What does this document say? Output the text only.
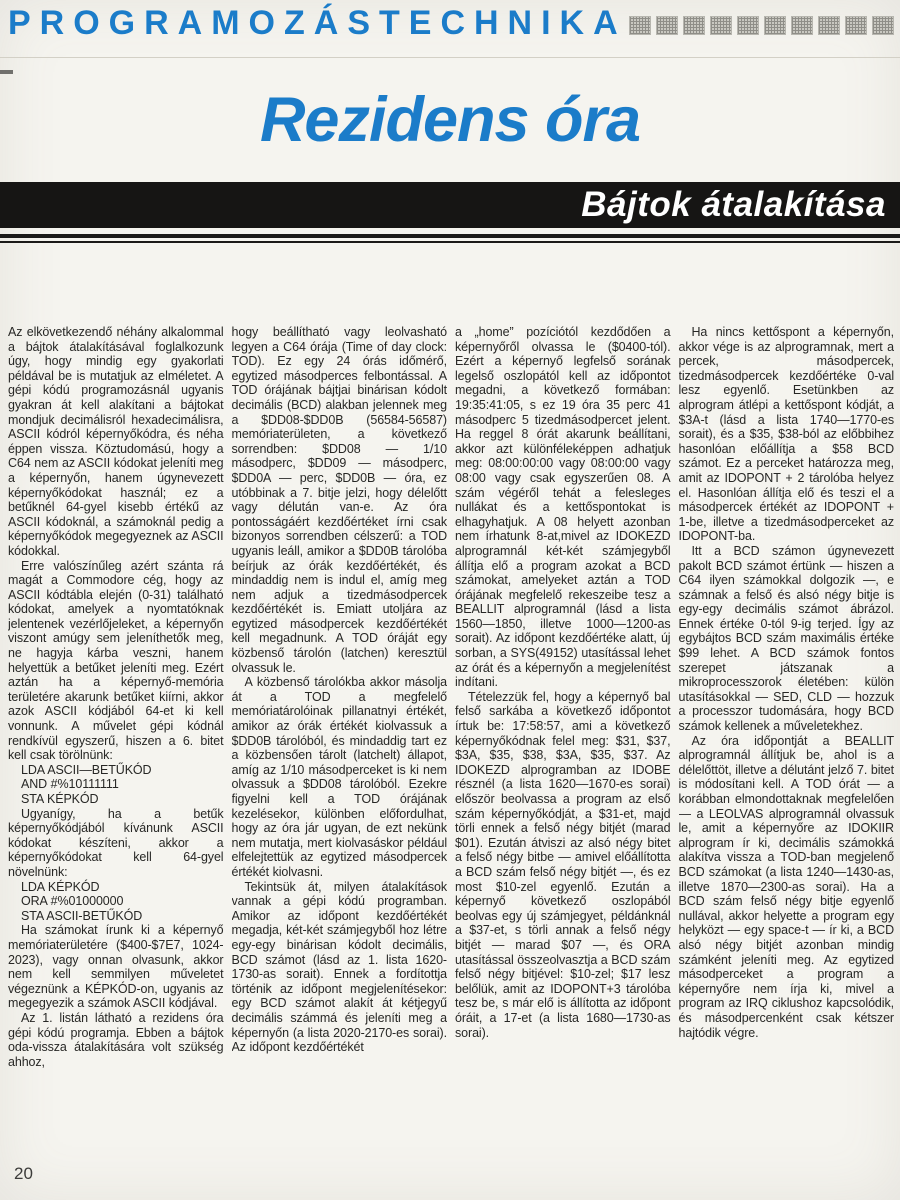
PROGRAMOZÁSTECHNIKA
Rezidens óra
Bájtok átalakítása

Az elkövetkezendő néhány alkalommal a bájtok átalakításával foglalkozunk úgy, hogy mindig egy gyakorlati példával be is mutatjuk az elméletet. A gépi kódú programozásnál ugyanis gyakran át kell alakítani a bájtokat mondjuk decimálisról hexadecimálisra, ASCII kódról képernyőkódra, és néha éppen vissza. Köztudomású, hogy a C64 nem az ASCII kódokat jeleníti meg a képernyőn, hanem úgynevezett képernyőkódokat használ; ez a betűknél 64-gyel kisebb értékű az ASCII kódoknál, a számoknál pedig a képernyőkódok megegyeznek az ASCII kódokkal.

Erre valószínűleg azért szánta rá magát a Commodore cég, hogy az ASCII kódtábla elején (0-31) található kódokat, amelyek a nyomtatóknak jelentenek vezérlőjeleket, a képernyőn viszont amúgy sem jeleníthetők meg, ne hagyja kárba veszni, hanem helyettük a betűket jeleníti meg. Ezért aztán ha a képernyő-memória területére akarunk betűket kiírni, akkor azok ASCII kódjából 64-et ki kell vonnunk. A művelet gépi kódnál rendkívül egyszerű, hiszen a 6. bitet kell csak törölnünk:

LDA ASCII—BETŰKÓD
AND #%10111111
STA KÉPKÓD

Ugyanígy, ha a betűk képernyőkódjából kívánunk ASCII kódokat készíteni, akkor a képernyőkódokat kell 64-gyel növelnünk:

LDA KÉPKÓD
ORA #%01000000
STA ASCII-BETŰKÓD

Ha számokat írunk ki a képernyő memóriaterületére ($400-$7E7, 1024-2023), vagy onnan olvasunk, akkor nem kell semmilyen műveletet végeznünk a KÉPKÓD-on, ugyanis az megegyezik a számok ASCII kódjával.

Az 1. listán látható a rezidens óra gépi kódú programja. Ebben a bájtok oda-vissza átalakítására volt szükség ahhoz,

hogy beállítható vagy leolvasható legyen a C64 órája (Time of day clock: TOD). Ez egy 24 órás időmérő, egytized másodperces felbontással. A TOD órájának bájtjai binárisan kódolt decimális (BCD) alakban jelennek meg a $DD08-$DD0B (56584-56587) memóriaterületen, a következő sorrendben: $DD08 — 1/10 másodperc, $DD09 — másodperc, $DD0A — perc, $DD0B — óra, ez utóbbinak a 7. bitje jelzi, hogy délelőtt vagy délután van-e. Az óra pontosságáért kezdőértéket írni csak bizonyos sorrendben célszerű: a TOD ugyanis leáll, amikor a $DD0B tárolóba beírjuk az órák kezdőértékét, és mindaddig nem is indul el, amíg meg nem adjuk a tizedmásodpercek kezdőértékét is. Emiatt utoljára az egytized másodpercek kezdőértékét kell megadnunk. A TOD óráját egy közbenső tárolón (latchen) keresztül olvassuk le.

A közbenső tárolókba akkor másolja át a TOD a megfelelő memóriatárolóinak pillanatnyi értékét, amikor az órák értékét kiolvassuk a $DD0B tárolóból, és mindaddig tart ez a közbensően tárolt (latchelt) állapot, amíg az 1/10 másodperceket is ki nem olvassuk a $DD08 tárolóból. Ezekre figyelni kell a TOD órájának kezelésekor, különben előfordulhat, hogy az óra jár ugyan, de ezt nekünk nem mutatja, mert kiolvasáskor például elfelejtettük az egytized másodpercek értékét kiolvasni.

Tekintsük át, milyen átalakítások vannak a gépi kódú programban. Amikor az időpont kezdőértékét megadja, két-két számjegyből hoz létre egy-egy binárisan kódolt decimális, BCD számot (lásd az 1. lista 1620-1730-as sorait). Ennek a fordítottja történik az időpont megjelenítésekor: egy BCD számot alakít át kétjegyű decimális számmá és jeleníti meg a képernyőn (a lista 2020-2170-es sorai). Az időpont kezdőértékét

a „home” pozíciótól kezdődően a képernyőről olvassa le ($0400-tól). Ezért a képernyő legfelső sorának legelső oszlopától kell az időpontot megadni, a következő formában: 19:35:41:05, s ez 19 óra 35 perc 41 másodperc 5 tizedmásodpercet jelent. Ha reggel 8 órát akarunk beállítani, akkor azt különféleképpen adhatjuk meg: 08:00:00:00 vagy 08:00:00 vagy 08:00 vagy csak egyszerűen 08. A szám végéről tehát a felesleges nullákat és a kettőspontokat is elhagyhatjuk. A 08 helyett azonban nem írhatunk 8-at,mivel az IDOKEZD alprogramnál két-két számjegyből állítja elő a program azokat a BCD számokat, amelyeket aztán a TOD órájának megfelelő rekeszeibe tesz a BEALLIT alprogramnál (lásd a lista 1560—1850, illetve 1000—1200-as sorait). Az időpont kezdőértéke alatt, új sorban, a SYS(49152) utasítással lehet az órát és a képernyőn a megjelenítést indítani.

Tételezzük fel, hogy a képernyő bal felső sarkába a következő időpontot írtuk be: 17:58:57, ami a következő képernyőkódnak felel meg: $31, $37, $3A, $35, $38, $3A, $35, $37. Az IDOKEZD alprogramban az IDOBE résznél (a lista 1620—1670-es sorai) először beolvassa a program az első szám képernyőkódját, a $31-et, majd törli ennek a felső négy bitjét (marad $01). Ezután átviszi az alsó négy bitet a felső négy bitbe — amivel előállította a BCD szám felső négy bitjét —, és ez most $10-zel egyenlő. Ezután a képernyő következő oszlopából beolvas egy új számjegyet, példánknál a $37-et, s törli annak a felső négy bitjét — marad $07 —, és ORA utasítással összeolvasztja a BCD szám felső négy bitjével: $10-zel; $17 lesz belőlük, amit az IDOPONT+3 tárolóba tesz be, s már elő is állította az időpont óráit, a 17-et (a lista 1680—1730-as sorai).

Ha nincs kettőspont a képernyőn, akkor vége is az alprogramnak, mert a percek, másodpercek, tizedmásodpercek kezdőértéke 0-val lesz egyenlő. Esetünkben az alprogram átlépi a kettőspont kódját, a $3A-t (lásd a lista 1740—1770-es sorait), és a $35, $38-ból az előbbihez hasonlóan előállítja a $58 BCD számot. Ez a perceket határozza meg, amit az IDOPONT + 2 tárolóba helyez el. Hasonlóan állítja elő és teszi el a másodpercek értékét az IDOPONT + 1-be, illetve a tizedmásodperceket az IDOPONT-ba.

Itt a BCD számon úgynevezett pakolt BCD számot értünk — hiszen a C64 ilyen számokkal dolgozik —, e számnak a felső és alsó négy bitje is egy-egy decimális számot ábrázol. Ennek értéke 0-tól 9-ig terjed. Így az egybájtos BCD szám maximális értéke $99 lehet. A BCD számok fontos szerepet játszanak a mikroprocesszorok életében: külön utasításokkal — SED, CLD — hozzuk a processzor tudomására, hogy BCD számok kellenek a műveletekhez.

Az óra időpontját a BEALLIT alprogramnál állítjuk be, ahol is a délelőttöt, illetve a délutánt jelző 7. bitet is módosítani kell. A TOD órát — a korábban elmondottaknak megfelelően — a LEOLVAS alprogramnál olvassuk le, amit a képernyőre az IDOKIIR alprogram ír ki, decimális számokká alakítva vissza a TOD-ban megjelenő BCD számokat (a lista 1240—1430-as, illetve 1870—2300-as sorai). Ha a BCD szám felső négy bitje egyenlő nullával, akkor helyette a program egy helyközt — egy space-t — ír ki, a BCD alsó négy bitjét azonban mindig számként jeleníti meg. Az egytized másodperceket a program a képernyőre nem írja ki, mivel a program az IRQ ciklushoz kapcsolódik, és másodpercenként csak kétszer hajtódik végre.

20
